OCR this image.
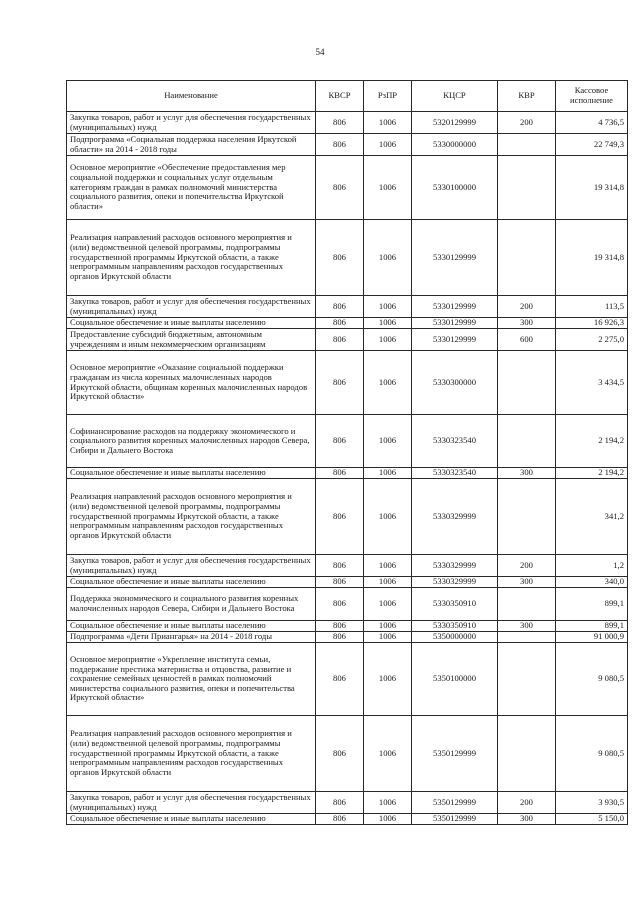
54
Наименование	КВСР	РзПР	КЦСР	КВР	Кассовое исполнение
Закупка товаров, работ и услуг для обеспечения государственных (муниципальных) нужд	806	1006	5320129999	200	4 736,5
Подпрограмма «Социальная поддержка населения Иркутской области» на 2014 - 2018 годы	806	1006	5330000000		22 749,3
Основное мероприятие «Обеспечение предоставления мер социальной поддержки и социальных услуг отдельным категориям граждан в рамках полномочий министерства социального развития, опеки и попечительства Иркутской области»	806	1006	5330100000		19 314,8
Реализация направлений расходов основного мероприятия и (или) ведомственной целевой программы, подпрограммы государственной программы Иркутской области, а также непрограммным направлениям расходов государственных органов Иркутской области	806	1006	5330129999		19 314,8
Закупка товаров, работ и услуг для обеспечения государственных (муниципальных) нужд	806	1006	5330129999	200	113,5
Социальное обеспечение и иные выплаты населению	806	1006	5330129999	300	16 926,3
Предоставление субсидий бюджетным, автономным учреждениям и иным некоммерческим организациям	806	1006	5330129999	600	2 275,0
Основное мероприятие «Оказание социальной поддержки гражданам из числа коренных малочисленных народов Иркутской области, общинам коренных малочисленных народов Иркутской области»	806	1006	5330300000		3 434,5
Софинансирование расходов на поддержку экономического и социального развития коренных малочисленных народов Севера, Сибири и Дальнего Востока	806	1006	5330323540		2 194,2
Социальное обеспечение и иные выплаты населению	806	1006	5330323540	300	2 194,2
Реализация направлений расходов основного мероприятия и (или) ведомственной целевой программы, подпрограммы государственной программы Иркутской области, а также непрограммным направлениям расходов государственных органов Иркутской области	806	1006	5330329999		341,2
Закупка товаров, работ и услуг для обеспечения государственных (муниципальных) нужд	806	1006	5330329999	200	1,2
Социальное обеспечение и иные выплаты населению	806	1006	5330329999	300	340,0
Поддержка экономического и социального развития коренных малочисленных народов Севера, Сибири и Дальнего Востока	806	1006	5330350910		899,1
Социальное обеспечение и иные выплаты населению	806	1006	5330350910	300	899,1
Подпрограмма «Дети Приангарья» на 2014 - 2018 годы	806	1006	5350000000		91 000,9
Основное мероприятие «Укрепление института семьи, поддержание престижа материнства и отцовства, развитие и сохранение семейных ценностей в рамках полномочий министерства социального развития, опеки и попечительства Иркутской области»	806	1006	5350100000		9 080,5
Реализация направлений расходов основного мероприятия и (или) ведомственной целевой программы, подпрограммы государственной программы Иркутской области, а также непрограммным направлениям расходов государственных органов Иркутской области	806	1006	5350129999		9 080,5
Закупка товаров, работ и услуг для обеспечения государственных (муниципальных) нужд	806	1006	5350129999	200	3 930,5
Социальное обеспечение и иные выплаты населению	806	1006	5350129999	300	5 150,0
